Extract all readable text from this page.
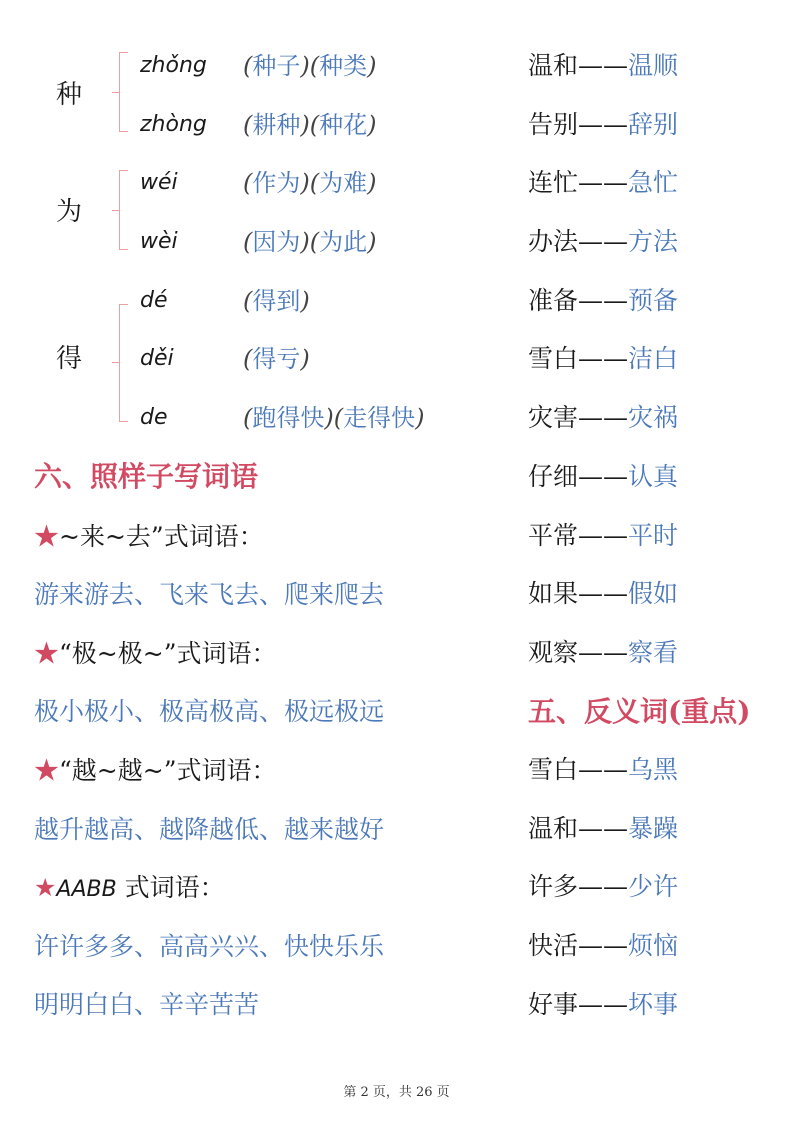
种
zhǒng (种子)(种类)
zhòng (耕种)(种花)
为
wéi	(作为)(为难)
wèi	(因为)(为此)
得
dé	(得到)
děi	(得亏)
de	(跑得快)(走得快)
六、照样子写词语
★~来~去”式词语：
游来游去、飞来飞去、爬来爬去
★“极~极~”式词语：
极小极小、极高极高、极远极远
★“越~越~”式词语：
越升越高、越降越低、越来越好
★AABB 式词语：
许许多多、高高兴兴、快快乐乐
明明白白、辛辛苦苦
温和——温顺
告别——辞别
连忙——急忙
办法——方法
准备——预备
雪白——洁白
灾害——灾祸
仔细——认真
平常——平时
如果——假如
观察——察看
五、反义词(重点)
雪白——乌黑
温和——暴躁
许多——少许
快活——烦恼
好事——坏事
第 2 页，共 26 页
